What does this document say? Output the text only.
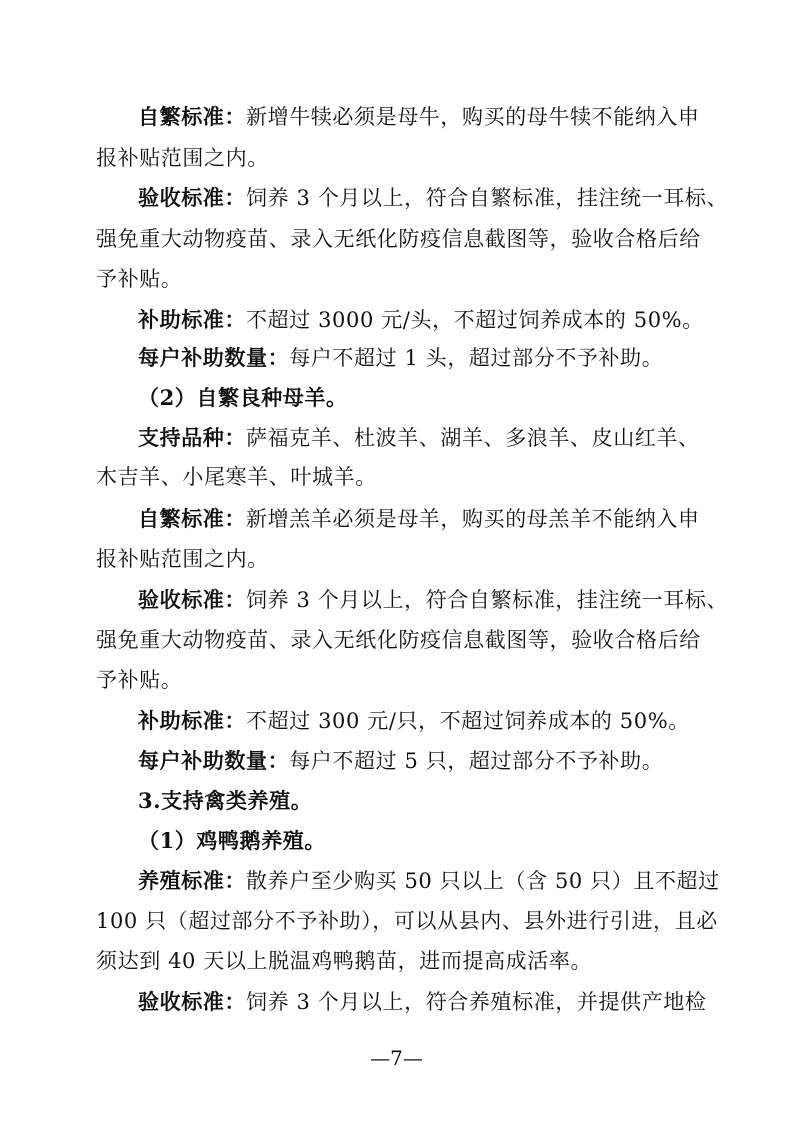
自繁标准：新增牛犊必须是母牛，购买的母牛犊不能纳入申
报补贴范围之内。
验收标准：饲养 3 个月以上，符合自繁标准，挂注统一耳标、
强免重大动物疫苗、录入无纸化防疫信息截图等，验收合格后给
予补贴。
补助标准：不超过 3000 元/头，不超过饲养成本的 50%。
每户补助数量：每户不超过 1 头，超过部分不予补助。
（2）自繁良种母羊。
支持品种：萨福克羊、杜波羊、湖羊、多浪羊、皮山红羊、
木吉羊、小尾寒羊、叶城羊。
自繁标准：新增羔羊必须是母羊，购买的母羔羊不能纳入申
报补贴范围之内。
验收标准：饲养 3 个月以上，符合自繁标准，挂注统一耳标、
强免重大动物疫苗、录入无纸化防疫信息截图等，验收合格后给
予补贴。
补助标准：不超过 300 元/只，不超过饲养成本的 50%。
每户补助数量：每户不超过 5 只，超过部分不予补助。
3.支持禽类养殖。
（1）鸡鸭鹅养殖。
养殖标准：散养户至少购买 50 只以上（含 50 只）且不超过
100 只（超过部分不予补助），可以从县内、县外进行引进，且必
须达到 40 天以上脱温鸡鸭鹅苗，进而提高成活率。
验收标准：饲养 3 个月以上，符合养殖标准，并提供产地检
—7—
